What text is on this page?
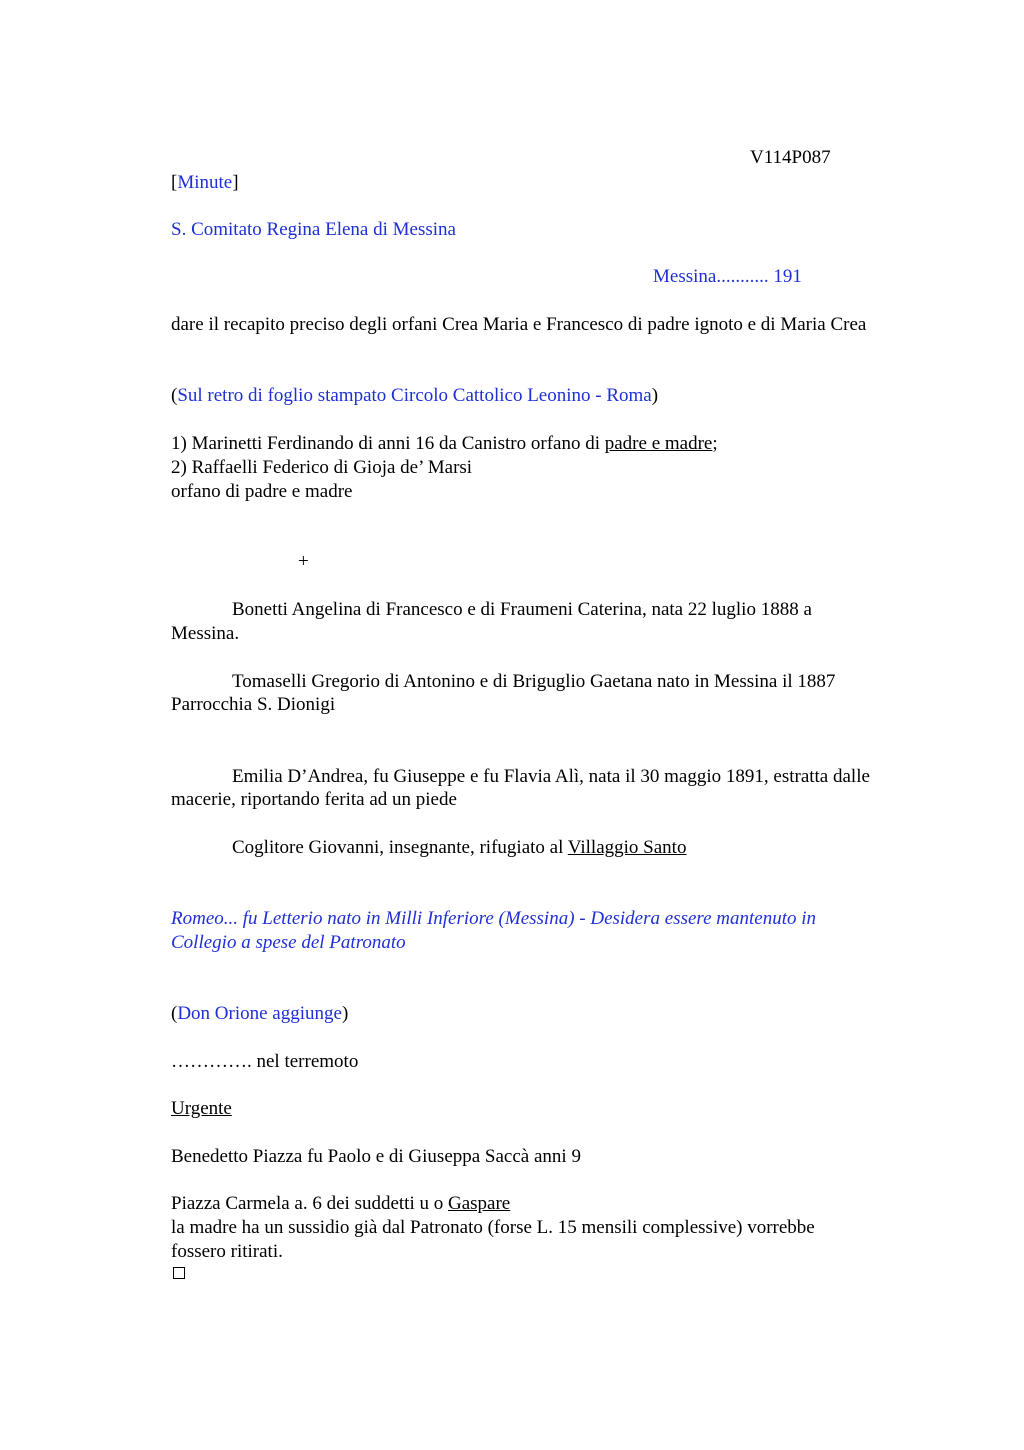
V114P087
[Minute]
S. Comitato Regina Elena di Messina
Messina........... 191
dare il recapito preciso degli orfani Crea Maria e Francesco di padre ignoto e di Maria Crea
(Sul retro di foglio stampato Circolo Cattolico Leonino - Roma)
1) Marinetti Ferdinando di anni 16 da Canistro orfano di padre e madre;
2) Raffaelli Federico di Gioja de’ Marsi
orfano di padre e madre
+
Bonetti Angelina di Francesco e di Fraumeni Caterina, nata 22 luglio 1888 a
Messina.
Tomaselli Gregorio di Antonino e di Briguglio Gaetana nato in Messina il 1887
Parrocchia S. Dionigi
Emilia D’Andrea, fu Giuseppe e fu Flavia Alì, nata il 30 maggio 1891, estratta dalle
macerie, riportando ferita ad un piede
Coglitore Giovanni, insegnante, rifugiato al Villaggio Santo
Romeo... fu Letterio nato in Milli Inferiore (Messina) - Desidera essere mantenuto in
Collegio a spese del Patronato
(Don Orione aggiunge)
…………. nel terremoto
Urgente
Benedetto Piazza fu Paolo e di Giuseppa Saccà anni 9
Piazza Carmela a. 6 dei suddetti u o Gaspare
la madre ha un sussidio già dal Patronato (forse L. 15 mensili complessive) vorrebbe
fossero ritirati.
